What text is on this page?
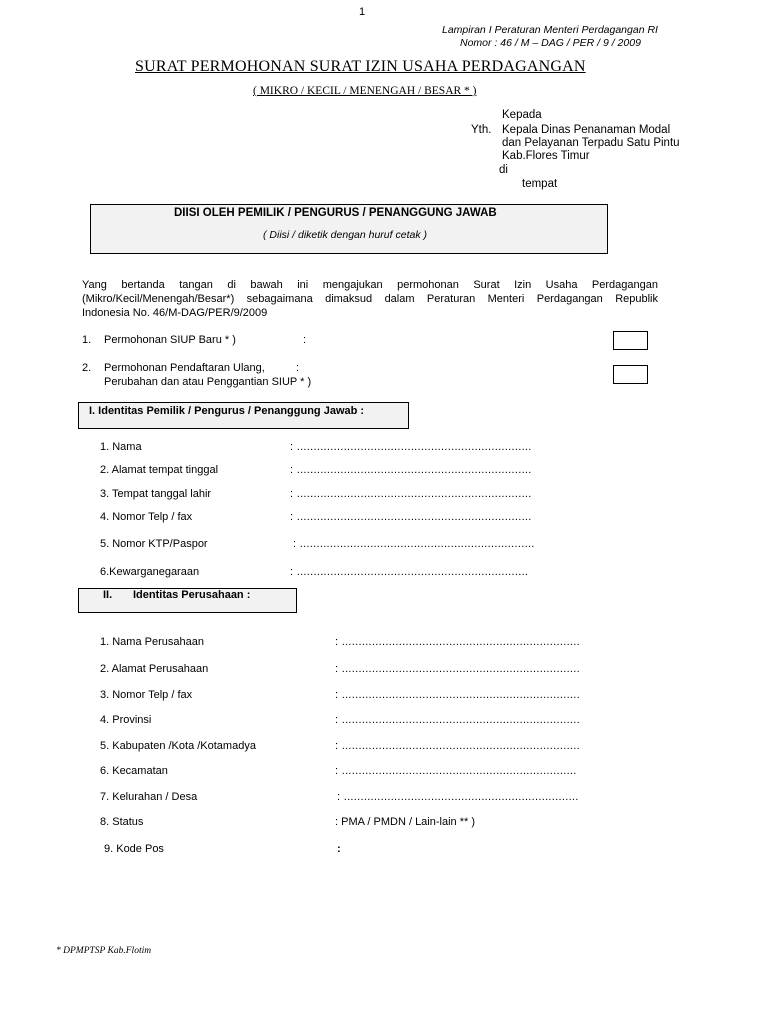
1
Lampiran I Peraturan Menteri Perdagangan RI
Nomor : 46 / M – DAG / PER / 9 / 2009
SURAT PERMOHONAN SURAT IZIN USAHA PERDAGANGAN
( MIKRO / KECIL / MENENGAH / BESAR * )
Kepada
Yth. Kepala Dinas Penanaman Modal
dan Pelayanan Terpadu Satu Pintu
Kab.Flores Timur
di
tempat
DIISI OLEH PEMILIK / PENGURUS / PENANGGUNG JAWAB
( Diisi / diketik dengan huruf cetak )
Yang bertanda tangan di bawah ini mengajukan permohonan Surat Izin Usaha Perdagangan
(Mikro/Kecil/Menengah/Besar*) sebagaimana dimaksud dalam Peraturan Menteri Perdagangan Republik
Indonesia No. 46/M-DAG/PER/9/2009
1. Permohonan SIUP Baru * )	:
2. Permohonan Pendaftaran Ulang,	:
Perubahan dan atau Penggantian SIUP * )
I. Identitas Pemilik / Pengurus / Penanggung Jawab :
1. Nama	: ......................................................................
2. Alamat tempat tinggal	: ......................................................................
3. Tempat tanggal lahir	: ......................................................................
4. Nomor Telp / fax	: ......................................................................
5. Nomor KTP/Paspor	: ......................................................................
6.Kewarganegaraan	: .....................................................................
II. Identitas Perusahaan :
1. Nama Perusahaan	: .......................................................................
2. Alamat Perusahaan	: .......................................................................
3. Nomor Telp / fax	: .......................................................................
4. Provinsi	: .......................................................................
5. Kabupaten /Kota /Kotamadya	: .......................................................................
6. Kecamatan	: ......................................................................
7. Kelurahan / Desa	: ......................................................................
8. Status	: PMA / PMDN / Lain-lain ** )
9. Kode Pos	:
* DPMPTSP Kab.Flotim
